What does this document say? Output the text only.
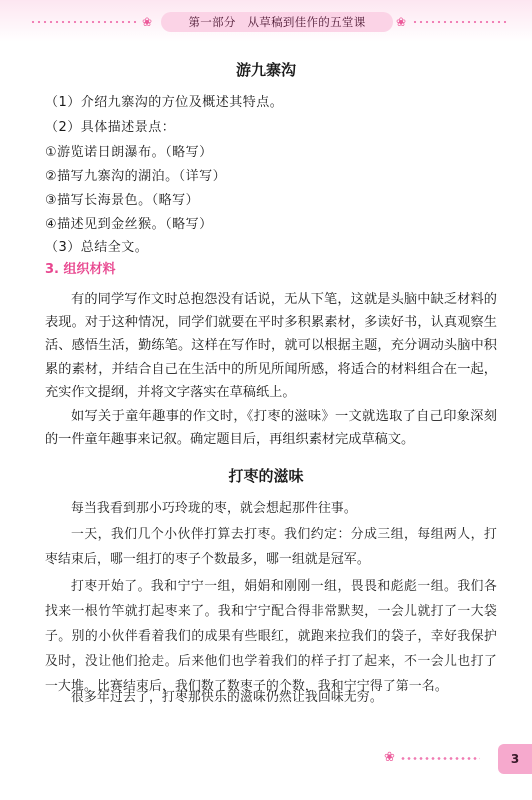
❀	第一部分　从草稿到佳作的五堂课	❀
游九寨沟
（1）介绍九寨沟的方位及概述其特点。
（2）具体描述景点：
①游览诺日朗瀑布。（略写）
②描写九寨沟的湖泊。（详写）
③描写长海景色。（略写）
④描述见到金丝猴。（略写）
（3）总结全文。
3. 组织材料

有的同学写作文时总抱怨没有话说，无从下笔，这就是头脑中缺乏材料的表现。对于这种情况，同学们就要在平时多积累素材，多读好书，认真观察生活、感悟生活，勤练笔。这样在写作时，就可以根据主题，充分调动头脑中积累的素材，并结合自己在生活中的所见所闻所感，将适合的材料组合在一起，充实作文提纲，并将文字落实在草稿纸上。

如写关于童年趣事的作文时，《打枣的滋味》一文就选取了自己印象深刻的一件童年趣事来记叙。确定题目后，再组织素材完成草稿文。

打枣的滋味

每当我看到那小巧玲珑的枣，就会想起那件往事。

一天，我们几个小伙伴打算去打枣。我们约定：分成三组，每组两人，打枣结束后，哪一组打的枣子个数最多，哪一组就是冠军。

打枣开始了。我和宁宁一组，娟娟和刚刚一组，畏畏和彪彪一组。我们各找来一根竹竿就打起枣来了。我和宁宁配合得非常默契，一会儿就打了一大袋子。别的小伙伴看着我们的成果有些眼红，就跑来拉我们的袋子，幸好我保护及时，没让他们抢走。后来他们也学着我们的样子打了起来，不一会儿也打了一大堆。比赛结束后，我们数了数枣子的个数，我和宁宁得了第一名。

很多年过去了，打枣那快乐的滋味仍然让我回味无穷。

❀	3
